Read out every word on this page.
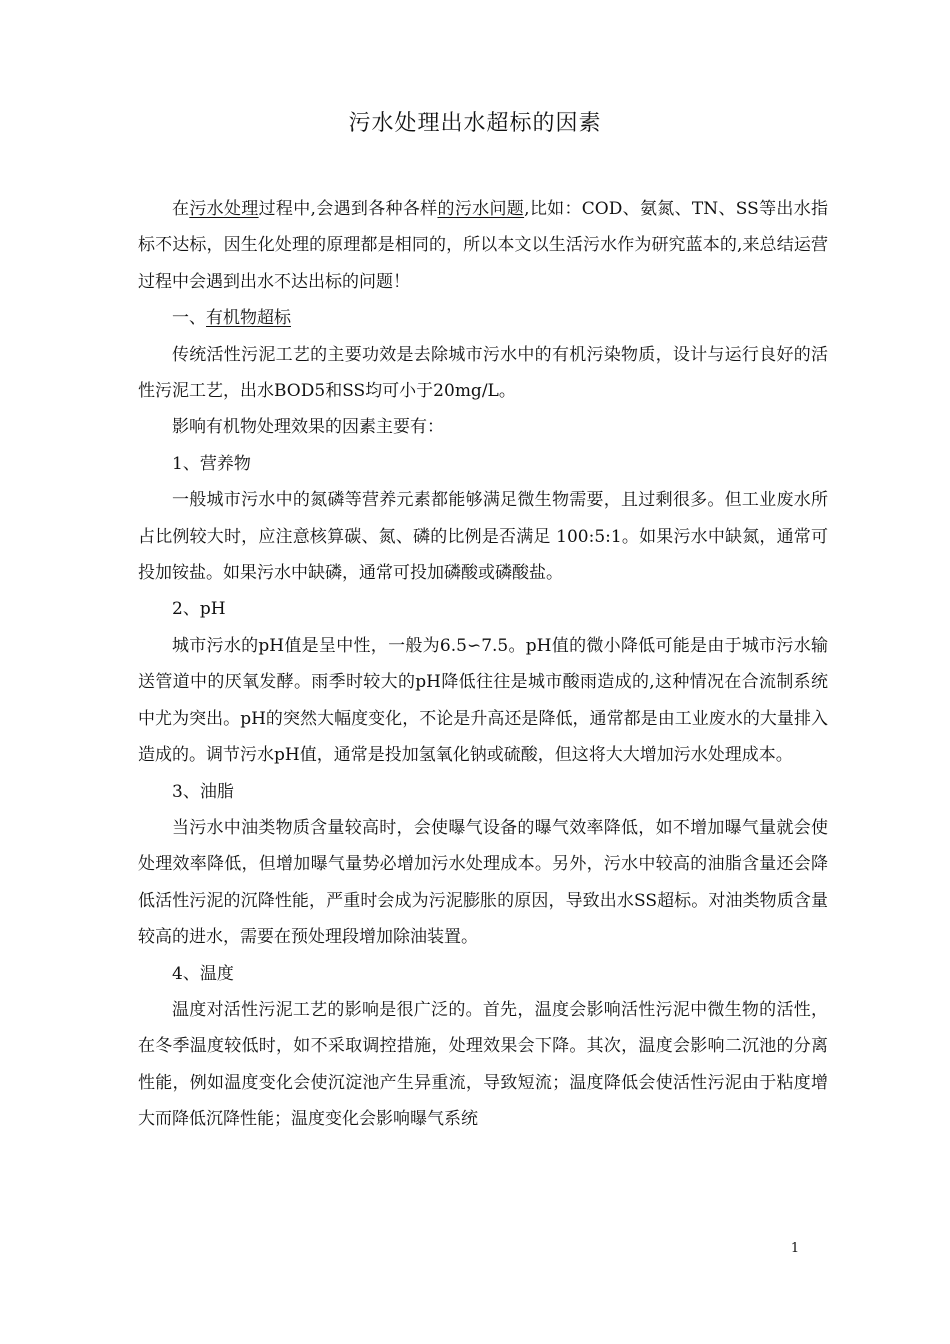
污水处理出水超标的因素

在污水处理过程中,会遇到各种各样的污水问题,比如：COD、氨氮、TN、SS等出水指标不达标，因生化处理的原理都是相同的，所以本文以生活污水作为研究蓝本的,来总结运营过程中会遇到出水不达出标的问题！

一、有机物超标

传统活性污泥工艺的主要功效是去除城市污水中的有机污染物质，设计与运行良好的活性污泥工艺，出水BOD5和SS均可小于20mg/L。

影响有机物处理效果的因素主要有：

1、营养物

一般城市污水中的氮磷等营养元素都能够满足微生物需要，且过剩很多。但工业废水所占比例较大时，应注意核算碳、氮、磷的比例是否满足 100:5:1。如果污水中缺氮，通常可投加铵盐。如果污水中缺磷，通常可投加磷酸或磷酸盐。

2、pH

城市污水的pH值是呈中性，一般为6.5∽7.5。pH值的微小降低可能是由于城市污水输送管道中的厌氧发酵。雨季时较大的pH降低往往是城市酸雨造成的,这种情况在合流制系统中尤为突出。pH的突然大幅度变化，不论是升高还是降低，通常都是由工业废水的大量排入造成的。调节污水pH值，通常是投加氢氧化钠或硫酸，但这将大大增加污水处理成本。

3、油脂

当污水中油类物质含量较高时，会使曝气设备的曝气效率降低，如不增加曝气量就会使处理效率降低，但增加曝气量势必增加污水处理成本。另外，污水中较高的油脂含量还会降低活性污泥的沉降性能，严重时会成为污泥膨胀的原因，导致出水SS超标。对油类物质含量较高的进水，需要在预处理段增加除油装置。

4、温度

温度对活性污泥工艺的影响是很广泛的。首先，温度会影响活性污泥中微生物的活性，在冬季温度较低时，如不采取调控措施，处理效果会下降。其次，温度会影响二沉池的分离性能，例如温度变化会使沉淀池产生异重流，导致短流；温度降低会使活性污泥由于粘度增大而降低沉降性能；温度变化会影响曝气系统

1
